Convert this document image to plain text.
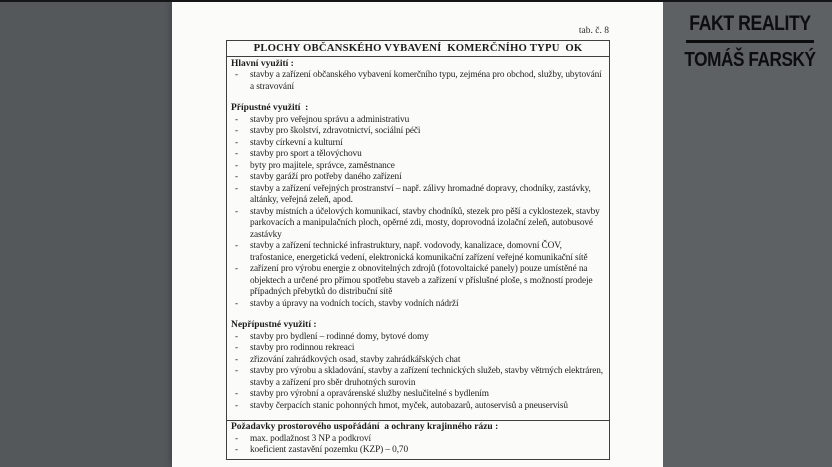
tab. č. 8
PLOCHY OBČANSKÉHO VYBAVENÍ  KOMERČNÍHO TYPU  OK
Hlavní využití :
- stavby a zařízení občanského vybavení komerčního typu, zejména pro obchod, služby, ubytování a stravování
Přípustné využití  :
- stavby pro veřejnou správu a administrativu
- stavby pro školství, zdravotnictví, sociální péči
- stavby církevní a kulturní
- stavby pro sport a tělovýchovu
- byty pro majitele, správce, zaměstnance
- stavby garáží pro potřeby daného zařízení
- stavby a zařízení veřejných prostranství – např. zálivy hromadné dopravy, chodníky, zastávky, altánky, veřejná zeleň, apod.
- stavby místních a účelových komunikací, stavby chodníků, stezek pro pěší a cyklostezek, stavby parkovacích a manipulačních ploch, opěrné zdi, mosty, doprovodná izolační zeleň, autobusové zastávky
- stavby a zařízení technické infrastruktury, např. vodovody, kanalizace, domovní ČOV, trafostanice, energetická vedení, elektronická komunikační zařízení veřejné komunikační sítě
- zařízení pro výrobu energie z obnovitelných zdrojů (fotovoltaické panely) pouze umístěné na objektech a určené pro přímou spotřebu staveb a zařízení v příslušné ploše, s možností prodeje případných přebytků do distribuční sítě
- stavby a úpravy na vodních tocích, stavby vodních nádrží
Nepřípustné využití :
- stavby pro bydlení – rodinné domy, bytové domy
- stavby pro rodinnou rekreaci
- zřizování zahrádkových osad, stavby zahrádkářských chat
- stavby pro výrobu a skladování, stavby a zařízení technických služeb, stavby větrných elektráren, stavby a zařízení pro sběr druhotných surovin
- stavby pro výrobní a opravárenské služby neslučitelné s bydlením
- stavby čerpacích stanic pohonných hmot, myček, autobazarů, autoservisů a pneuservisů
Požadavky prostorového uspořádání  a ochrany krajinného rázu :
- max. podlažnost 3 NP a podkroví
- koeficient zastavění pozemku (KZP) – 0,70
FAKT REALITY
TOMÁŠ FARSKÝ
